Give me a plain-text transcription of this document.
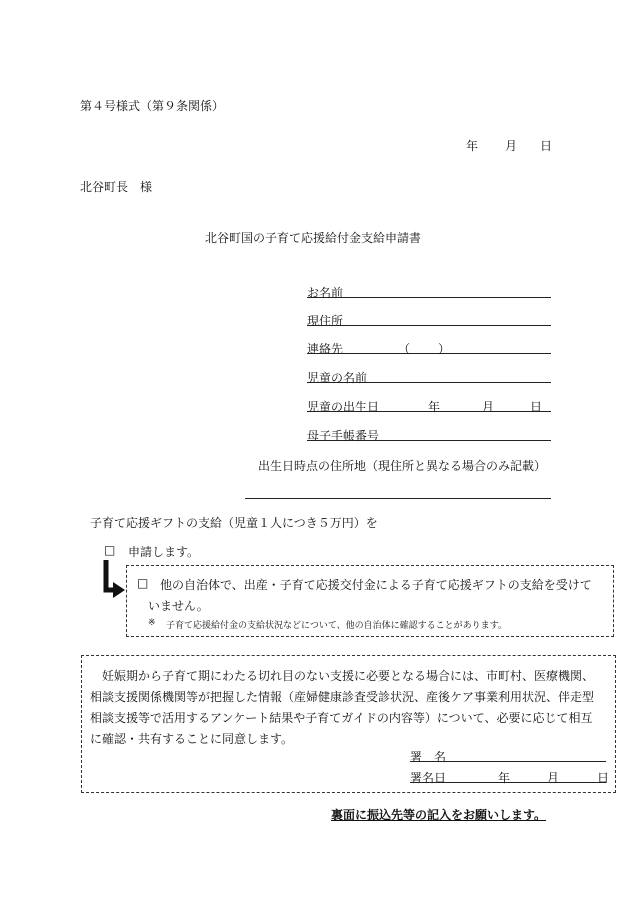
第４号様式（第９条関係）
年 月 日
北谷町長　様
北谷町国の子育て応援給付金支給申請書
お名前
現住所
連絡先	（ ）
児童の名前
児童の出生日	年	月	日
母子手帳番号
出生日時点の住所地（現住所と異なる場合のみ記載）
子育て応援ギフトの支給（児童１人につき５万円）を
□ 申請します。
□ 他の自治体で、出産・子育て応援交付金による子育て応援ギフトの支給を受けて
いません。
※ 子育て応援給付金の支給状況などについて、他の自治体に確認することがあります。
妊娠期から子育て期にわたる切れ目のない支援に必要となる場合には、市町村、医療機関、
相談支援関係機関等が把握した情報（産婦健康診査受診状況、産後ケア事業利用状況、伴走型
相談支援等で活用するアンケート結果や子育てガイドの内容等）について、必要に応じて相互
に確認・共有することに同意します。
署　名
署名日	年	月	日
裏面に振込先等の記入をお願いします。
